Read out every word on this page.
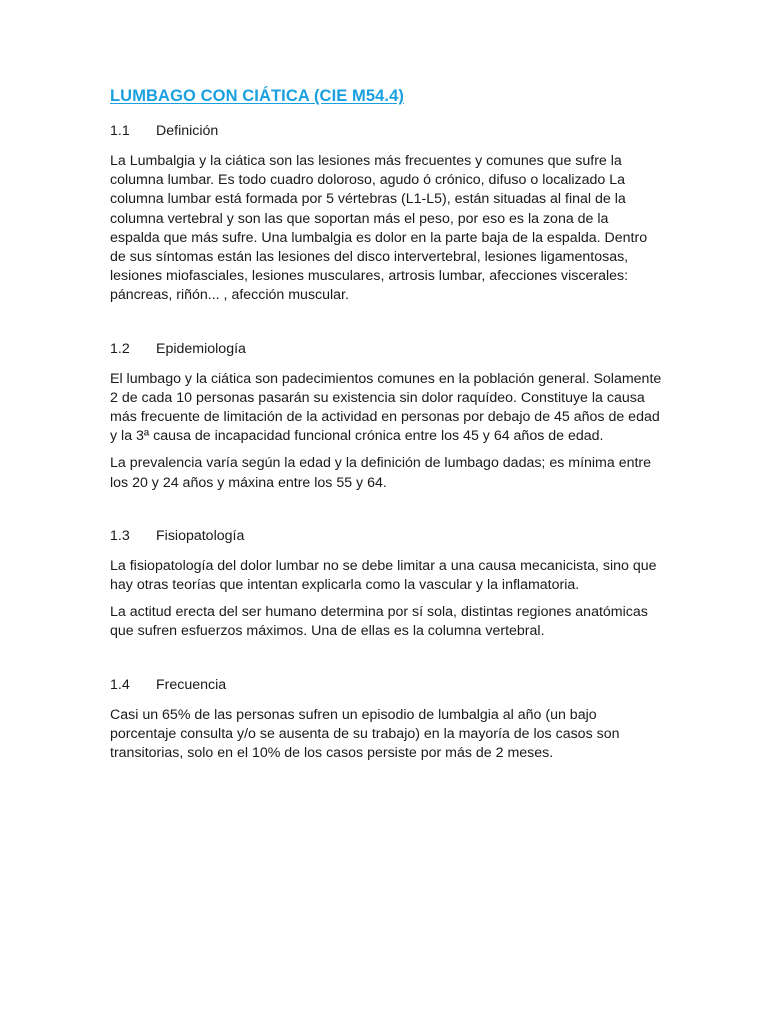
LUMBAGO CON CIÁTICA (CIE M54.4)
1.1	Definición

La Lumbalgia y la ciática son las lesiones más frecuentes y comunes que sufre la columna lumbar. Es todo cuadro doloroso, agudo ó crónico, difuso o localizado La columna lumbar está formada por 5 vértebras (L1-L5), están situadas al final de la columna vertebral y son las que soportan más el peso, por eso es la zona de la espalda que más sufre. Una lumbalgia es dolor en la parte baja de la espalda. Dentro de sus síntomas están las lesiones del disco intervertebral, lesiones ligamentosas, lesiones miofasciales, lesiones musculares, artrosis lumbar, afecciones viscerales: páncreas, riñón... , afección muscular.

1.2	Epidemiología

El lumbago y la ciática son padecimientos comunes en la población general. Solamente 2 de cada 10 personas pasarán su existencia sin dolor raquídeo. Constituye la causa más frecuente de limitación de la actividad en personas por debajo de 45 años de edad y la 3ª causa de incapacidad funcional crónica entre los 45 y 64 años de edad.

La prevalencia varía según la edad y la definición de lumbago dadas; es mínima entre los 20 y 24 años y máxina entre los 55 y 64.

1.3	Fisiopatología

La fisiopatología del dolor lumbar no se debe limitar a una causa mecanicista, sino que hay otras teorías que intentan explicarla como la vascular y la inflamatoria.

La actitud erecta del ser humano determina por sí sola, distintas regiones anatómicas que sufren esfuerzos máximos. Una de ellas es la columna vertebral.

1.4	Frecuencia

Casi un 65% de las personas sufren un episodio de lumbalgia al año (un bajo porcentaje consulta y/o se ausenta de su trabajo) en la mayoría de los casos son transitorias, solo en el 10% de los casos persiste por más de 2 meses.
